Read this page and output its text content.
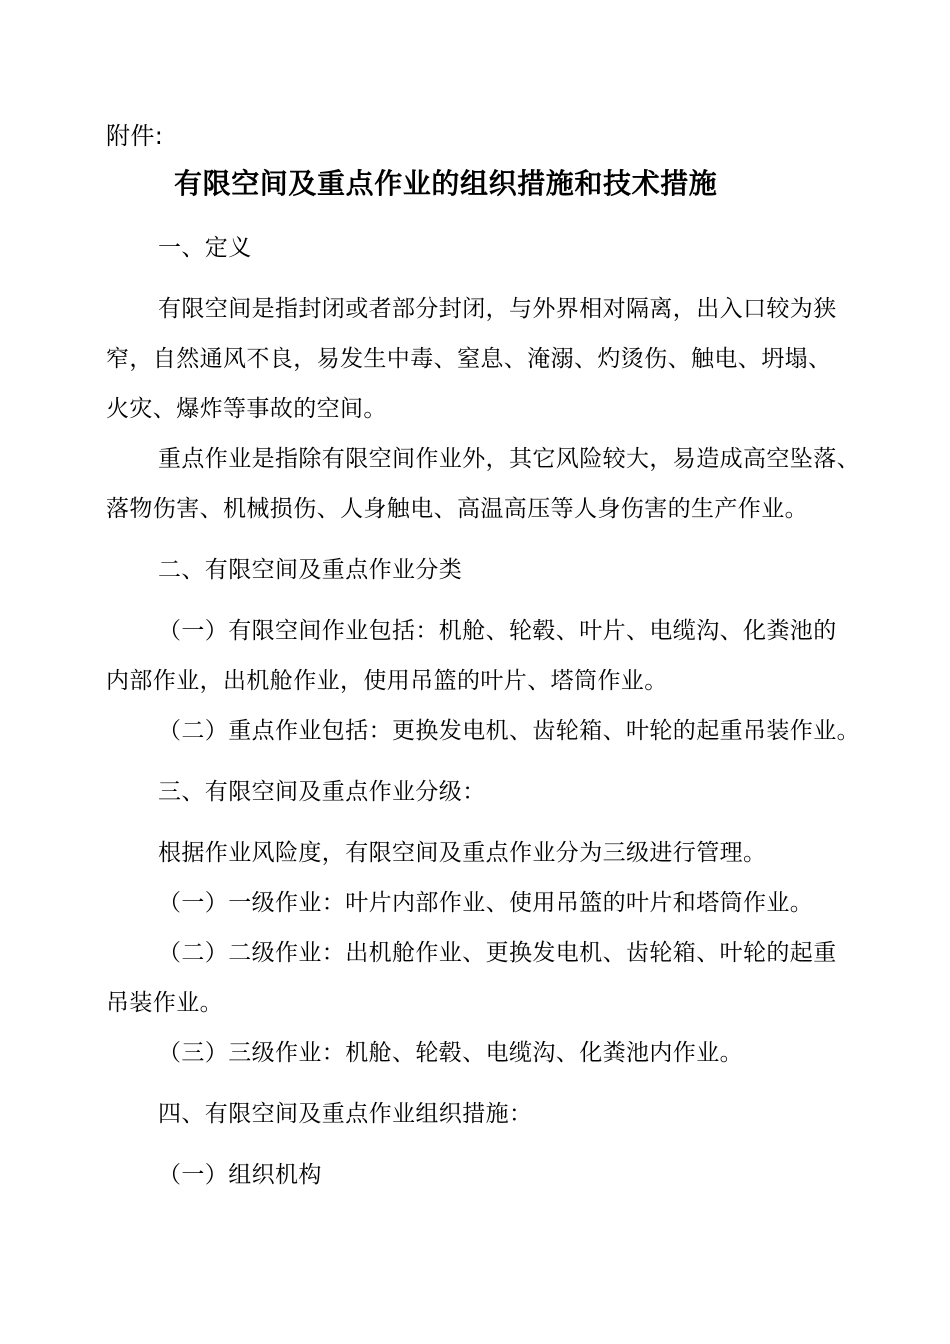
附件:
有限空间及重点作业的组织措施和技术措施
一、定义
有限空间是指封闭或者部分封闭，与外界相对隔离，出入口较为狭
窄，自然通风不良，易发生中毒、窒息、淹溺、灼烫伤、触电、坍塌、
火灾、爆炸等事故的空间。
重点作业是指除有限空间作业外，其它风险较大，易造成高空坠落、
落物伤害、机械损伤、人身触电、高温高压等人身伤害的生产作业。
二、有限空间及重点作业分类
（一）有限空间作业包括：机舱、轮毂、叶片、电缆沟、化粪池的
内部作业，出机舱作业，使用吊篮的叶片、塔筒作业。
（二）重点作业包括：更换发电机、齿轮箱、叶轮的起重吊装作业。
三、有限空间及重点作业分级：
根据作业风险度，有限空间及重点作业分为三级进行管理。
（一）一级作业：叶片内部作业、使用吊篮的叶片和塔筒作业。
（二）二级作业：出机舱作业、更换发电机、齿轮箱、叶轮的起重
吊装作业。
（三）三级作业：机舱、轮毂、电缆沟、化粪池内作业。
四、有限空间及重点作业组织措施：
（一）组织机构
